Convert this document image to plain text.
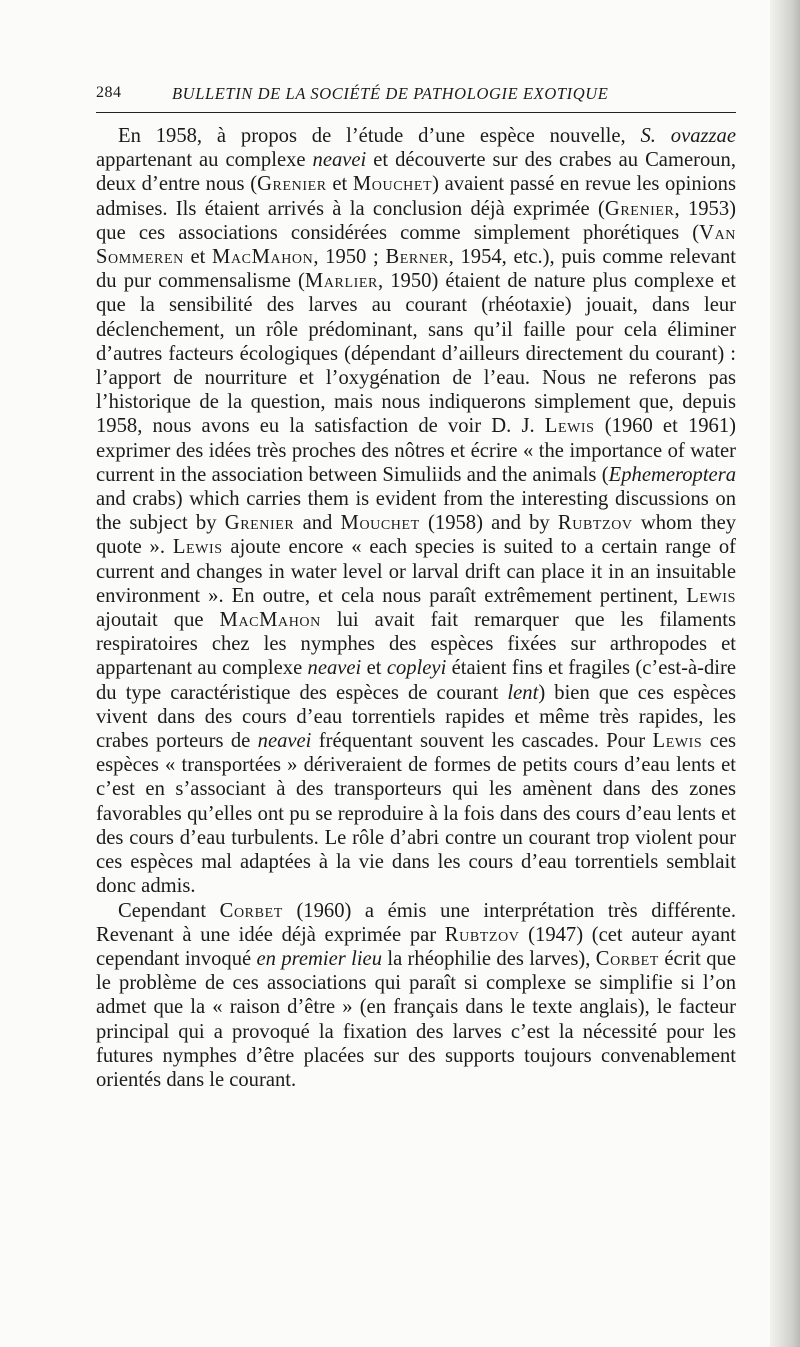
284	BULLETIN DE LA SOCIÉTÉ DE PATHOLOGIE EXOTIQUE

En 1958, à propos de l’étude d’une espèce nouvelle, S. ovazzae appartenant au complexe neavei et découverte sur des crabes au Cameroun, deux d’entre nous (Grenier et Mouchet) avaient passé en revue les opinions admises. Ils étaient arrivés à la conclusion déjà exprimée (Grenier, 1953) que ces associations considérées comme simplement phorétiques (Van Sommeren et MacMahon, 1950 ; Berner, 1954, etc.), puis comme relevant du pur commensalisme (Marlier, 1950) étaient de nature plus complexe et que la sensibilité des larves au courant (rhéotaxie) jouait, dans leur déclenchement, un rôle prédominant, sans qu’il faille pour cela éliminer d’autres facteurs écologiques (dépendant d’ailleurs directement du courant) : l’apport de nourriture et l’oxygénation de l’eau. Nous ne referons pas l’historique de la question, mais nous indiquerons simplement que, depuis 1958, nous avons eu la satisfaction de voir D. J. Lewis (1960 et 1961) exprimer des idées très proches des nôtres et écrire « the importance of water current in the association between Simuliids and the animals (Ephemeroptera and crabs) which carries them is evident from the interesting discussions on the subject by Grenier and Mouchet (1958) and by Rubtzov whom they quote ». Lewis ajoute encore « each species is suited to a certain range of current and changes in water level or larval drift can place it in an insuitable environment ». En outre, et cela nous paraît extrêmement pertinent, Lewis ajoutait que MacMahon lui avait fait remarquer que les filaments respiratoires chez les nymphes des espèces fixées sur arthropodes et appartenant au complexe neavei et copleyi étaient fins et fragiles (c’est-à-dire du type caractéristique des espèces de courant lent) bien que ces espèces vivent dans des cours d’eau torrentiels rapides et même très rapides, les crabes porteurs de neavei fréquentant souvent les cascades. Pour Lewis ces espèces « transportées » dériveraient de formes de petits cours d’eau lents et c’est en s’associant à des transporteurs qui les amènent dans des zones favorables qu’elles ont pu se reproduire à la fois dans des cours d’eau lents et des cours d’eau turbulents. Le rôle d’abri contre un courant trop violent pour ces espèces mal adaptées à la vie dans les cours d’eau torrentiels semblait donc admis.

Cependant Corbet (1960) a émis une interprétation très différente. Revenant à une idée déjà exprimée par Rubtzov (1947) (cet auteur ayant cependant invoqué en premier lieu la rhéophilie des larves), Corbet écrit que le problème de ces associations qui paraît si complexe se simplifie si l’on admet que la « raison d’être » (en français dans le texte anglais), le facteur principal qui a provoqué la fixation des larves c’est la nécessité pour les futures nymphes d’être placées sur des supports toujours convenablement orientés dans le courant.
